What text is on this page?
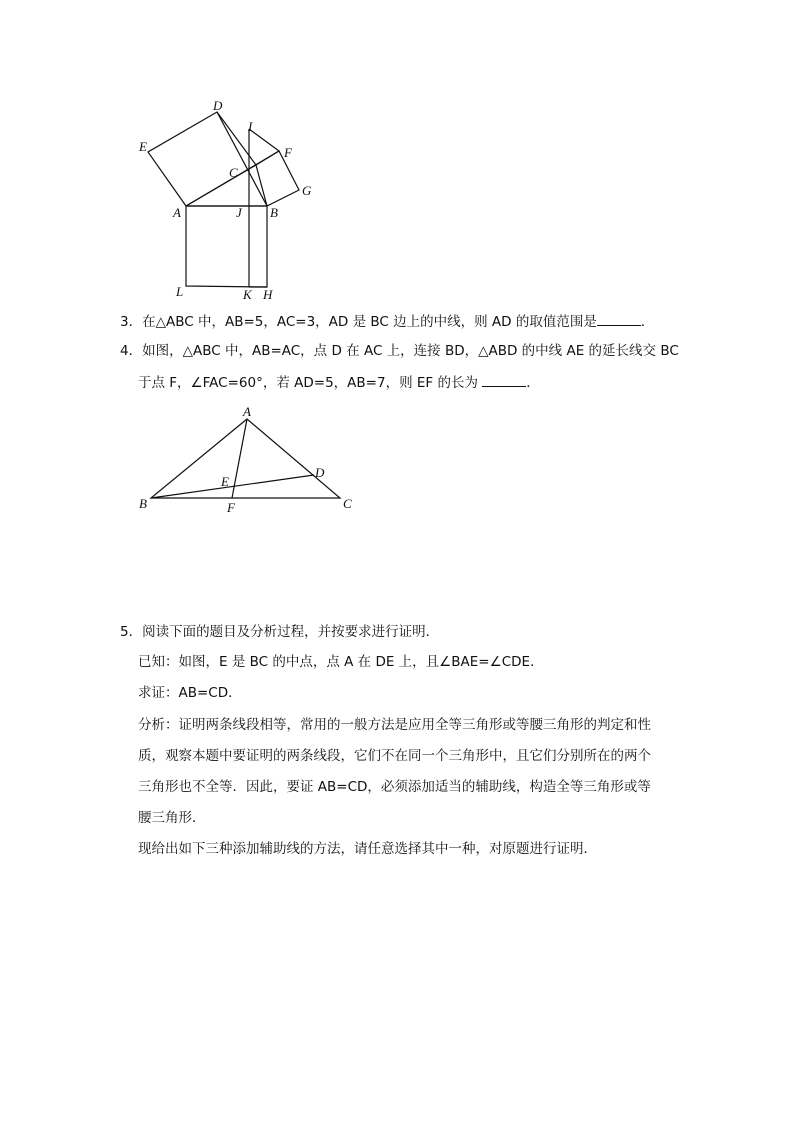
D
I
E	F
C
G
A	J B
L	K H
3．在△ABC 中，AB=5，AC=3，AD 是 BC 边上的中线，则 AD 的取值范围是	．
4．如图，△ABC 中，AB=AC，点 D 在 AC 上，连接 BD，△ABD 的中线 AE 的延长线交 BC
于点 F，∠FAC=60°，若 AD=5，AB=7，则 EF 的长为	．
A
D
E
B	F	C
5．阅读下面的题目及分析过程，并按要求进行证明．
已知：如图，E 是 BC 的中点，点 A 在 DE 上，且∠BAE=∠CDE．
求证：AB=CD．
分析：证明两条线段相等，常用的一般方法是应用全等三角形或等腰三角形的判定和性
质，观察本题中要证明的两条线段，它们不在同一个三角形中，且它们分别所在的两个
三角形也不全等．因此，要证 AB=CD，必须添加适当的辅助线，构造全等三角形或等
腰三角形．
现给出如下三种添加辅助线的方法，请任意选择其中一种，对原题进行证明．
